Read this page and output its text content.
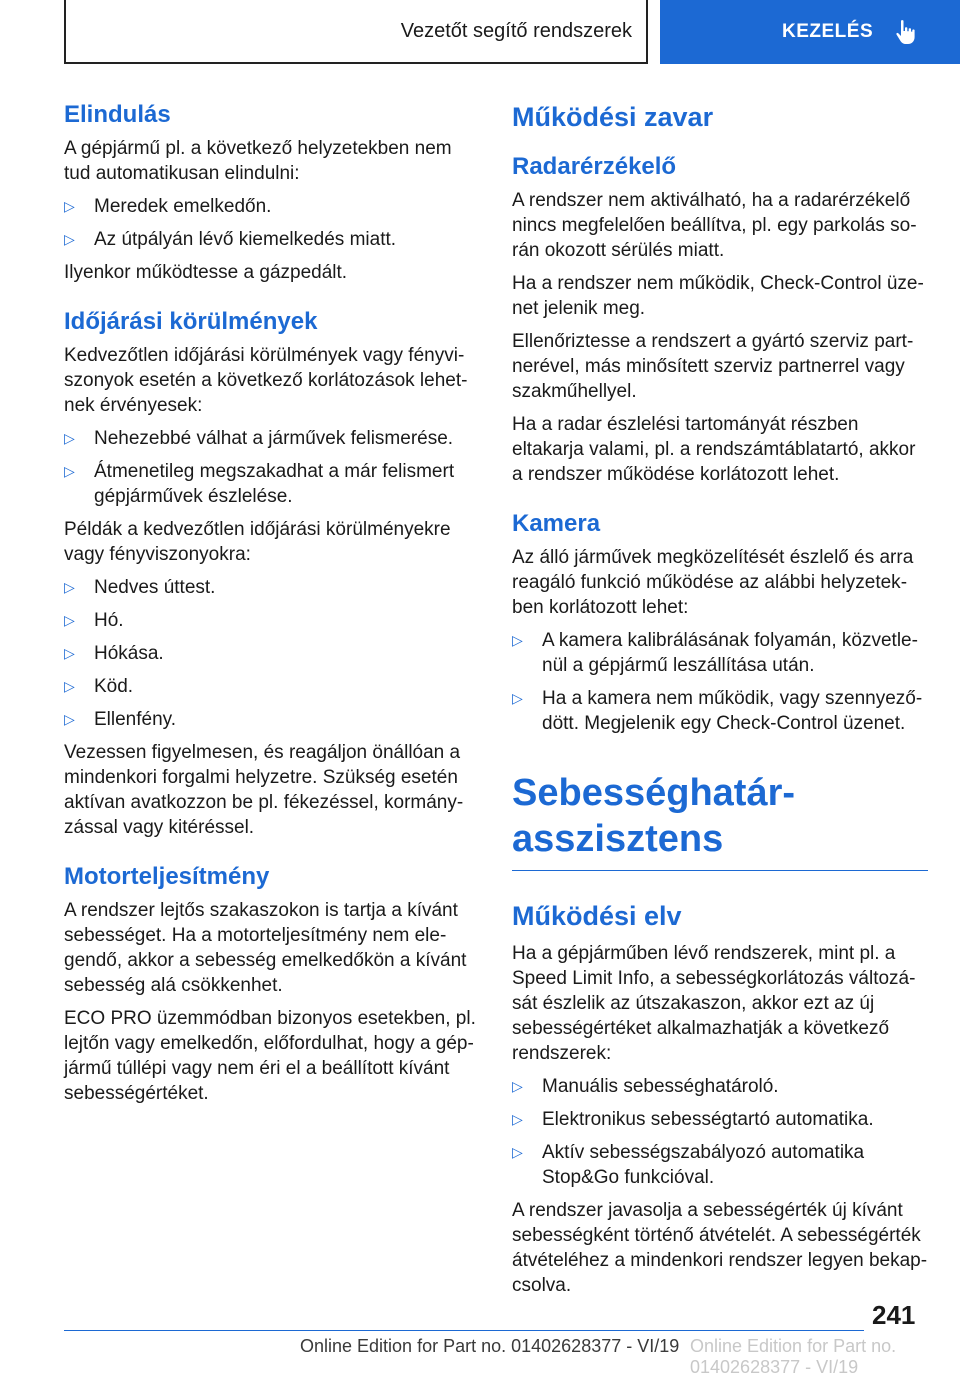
Vezetőt segítő rendszerek	KEZELÉS
Elindulás

A gépjármű pl. a következő helyzetekben nem tud automatikusan elindulni:

▷ Meredek emelkedőn.
▷ Az útpályán lévő kiemelkedés miatt.

Ilyenkor működtesse a gázpedált.

Időjárási körülmények

Kedvezőtlen időjárási körülmények vagy fényviszonyok esetén a következő korlátozások lehetnek érvényesek:

▷ Nehezebbé válhat a járművek felismerése.
▷ Átmenetileg megszakadhat a már felismert gépjárművek észlelése.

Példák a kedvezőtlen időjárási körülményekre vagy fényviszonyokra:

▷ Nedves úttest.
▷ Hó.
▷ Hókása.
▷ Köd.
▷ Ellenfény.

Vezessen figyelmesen, és reagáljon önállóan a mindenkori forgalmi helyzetre. Szükség esetén aktívan avatkozzon be pl. fékezéssel, kormányzással vagy kitéréssel.

Motorteljesítmény

A rendszer lejtős szakaszokon is tartja a kívánt sebességet. Ha a motorteljesítmény nem elegendő, akkor a sebesség emelkedőkön a kívánt sebesség alá csökkenhet.

ECO PRO üzemmódban bizonyos esetekben, pl. lejtőn vagy emelkedőn, előfordulhat, hogy a gépjármű túllépi vagy nem éri el a beállított kívánt sebességértéket.

Működési zavar
Radarérzékelő

A rendszer nem aktiválható, ha a radarérzékelő nincs megfelelően beállítva, pl. egy parkolás során okozott sérülés miatt.

Ha a rendszer nem működik, Check-Control üzenet jelenik meg.

Ellenőriztesse a rendszert a gyártó szerviz partnerével, más minősített szerviz partnerrel vagy szakműhellyel.

Ha a radar észlelési tartományát részben eltakarja valami, pl. a rendszámtáblatartó, akkor a rendszer működése korlátozott lehet.

Kamera

Az álló járművek megközelítését észlelő és arra reagáló funkció működése az alábbi helyzetekben korlátozott lehet:

▷ A kamera kalibrálásának folyamán, közvetlenül a gépjármű leszállítása után.
▷ Ha a kamera nem működik, vagy szennyeződött. Megjelenik egy Check-Control üzenet.
Sebességhatár-
asszisztens
Működési elv

Ha a gépjárműben lévő rendszerek, mint pl. a Speed Limit Info, a sebességkorlátozás változását észlelik az útszakaszon, akkor ezt az új sebességértéket alkalmazhatják a következő rendszerek:

▷ Manuális sebességhatároló.
▷ Elektronikus sebességtartó automatika.
▷ Aktív sebességszabályozó automatika Stop&Go funkcióval.

A rendszer javasolja a sebességérték új kívánt sebességként történő átvételét. A sebességérték átvételéhez a mindenkori rendszer legyen bekapcsolva.

241
Online Edition for Part no. 01402628377 - VI/19 Online Edition for Part no. 01402628377 - VI/19
